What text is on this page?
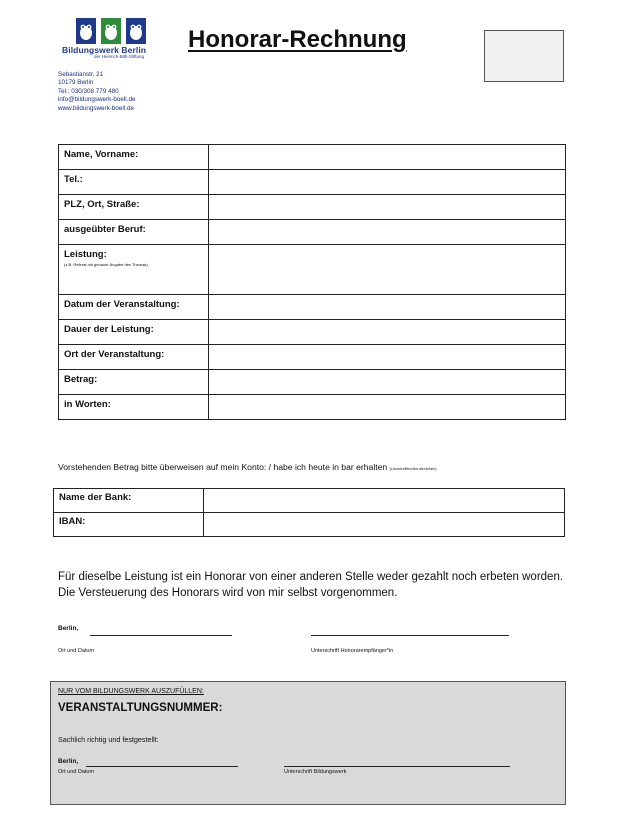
Bildungswerk Berlin
der Heinrich-Böll-Stiftung
Sebastianstr. 21
10179 Berlin
Tel.: 030/308 779 480
info@bildungswerk-boell.de
www.bildungswerk-boell.de
Honorar-Rechnung
Name, Vorname:	
Tel.:	
PLZ, Ort, Straße:	
ausgeübter Beruf:	
Leistung:
(z.B. Referat mit genauer Angabe des Themas)	

Datum der Veranstaltung:	
Dauer der Leistung:	
Ort der Veranstaltung:	
Betrag:	
in Worten:	
Vorstehenden Betrag bitte überweisen auf mein Konto: / habe ich heute in bar erhalten (Unzutreffendes streichen)
Name der Bank:	
IBAN:	
Für dieselbe Leistung ist ein Honorar von einer anderen Stelle weder gezahlt noch erbeten worden. Die Versteuerung des Honorars wird von mir selbst vorgenommen.
Berlin,
Ort und Datum	Unterschrift Honorarempfänger*in
NUR VOM BILDUNGSWERK AUSZUFÜLLEN:
VERANSTALTUNGSNUMMER:
Sachlich richtig und festgestellt:
Berlin,
Ort und Datum	Unterschrift Bildungswerk
